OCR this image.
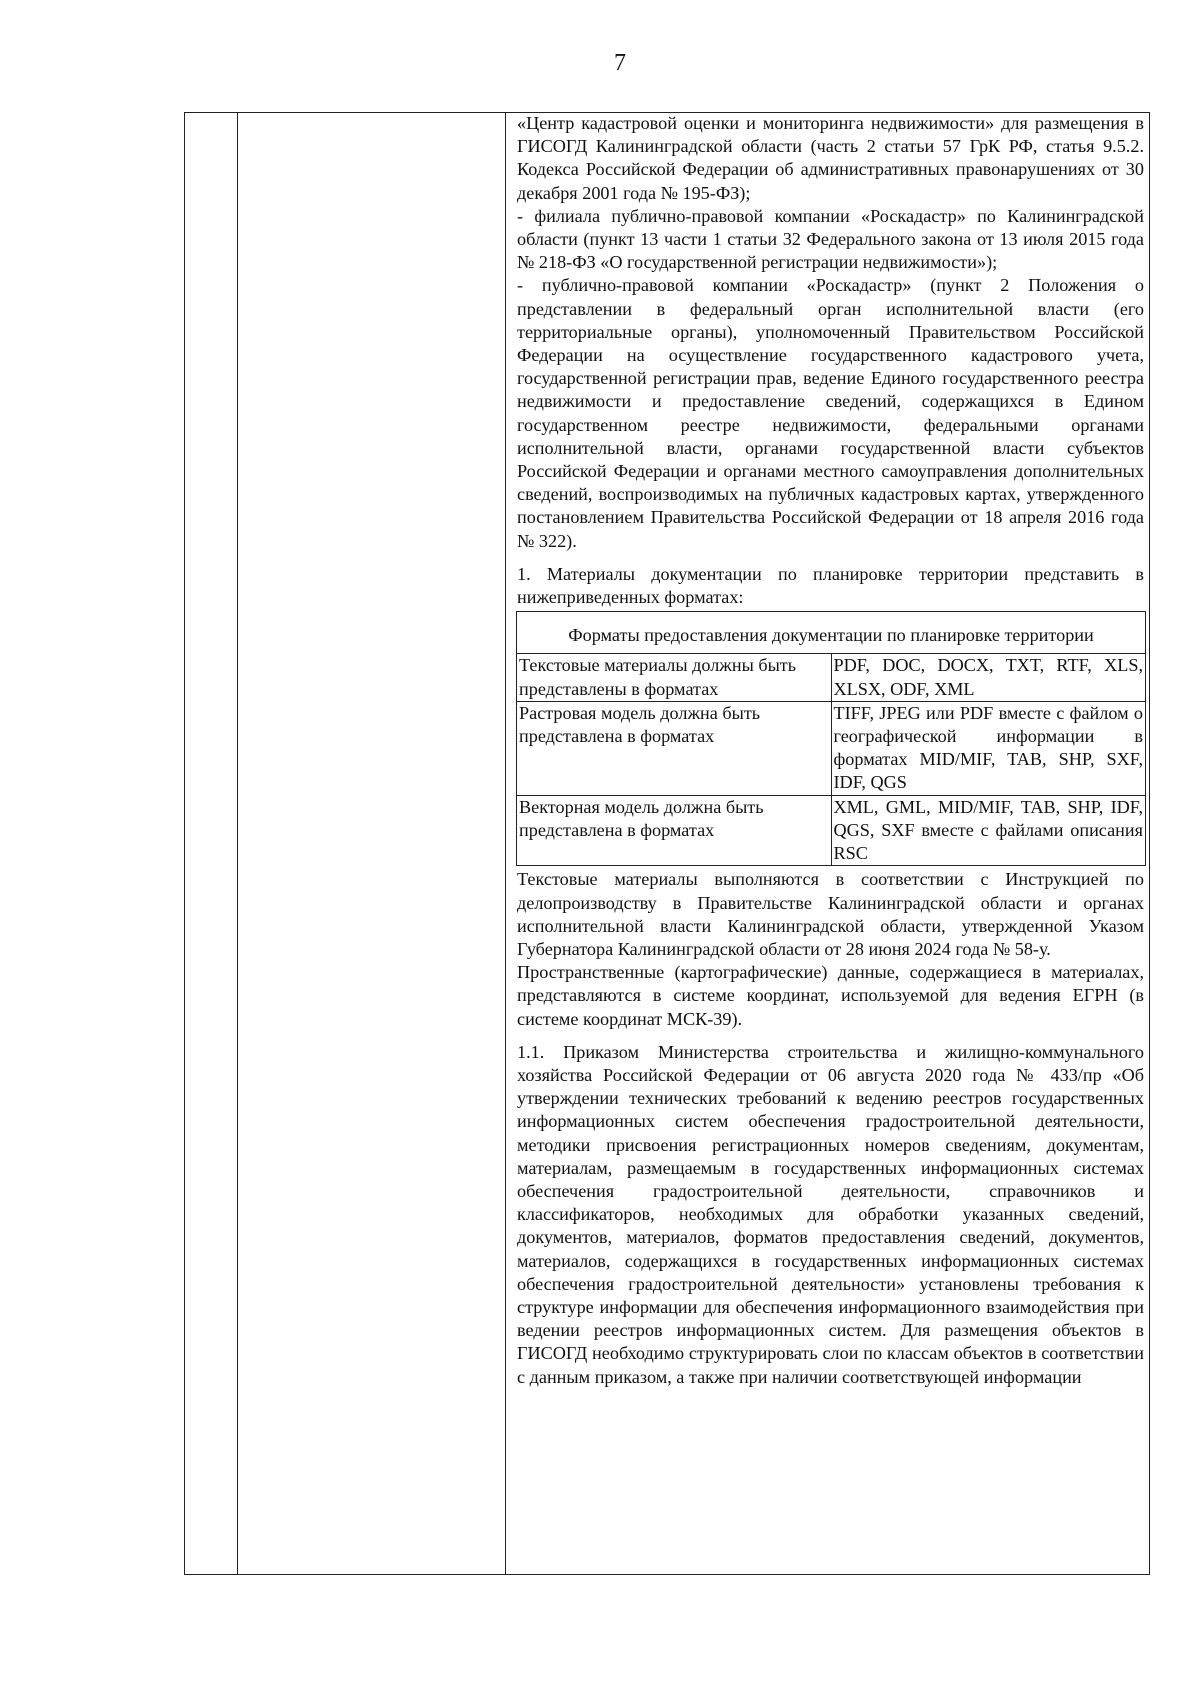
7

«Центр кадастровой оценки и мониторинга недвижимости» для размещения в ГИСОГД Калининградской области (часть 2 статьи 57 ГрК РФ, статья 9.5.2. Кодекса Российской Федерации об административных правонарушениях от 30 декабря 2001 года № 195-ФЗ);

- филиала публично-правовой компании «Роскадастр» по Калининградской области (пункт 13 части 1 статьи 32 Федерального закона от 13 июля 2015 года № 218-ФЗ «О государственной регистрации недвижимости»);

- публично-правовой компании «Роскадастр» (пункт 2 Положения о представлении в федеральный орган исполнительной власти (его территориальные органы), уполномоченный Правительством Российской Федерации на осуществление государственного кадастрового учета, государственной регистрации прав, ведение Единого государственного реестра недвижимости и предоставление сведений, содержащихся в Едином государственном реестре недвижимости, федеральными органами исполнительной власти, органами государственной власти субъектов Российской Федерации и органами местного самоуправления дополнительных сведений, воспроизводимых на публичных кадастровых картах, утвержденного постановлением Правительства Российской Федерации от 18 апреля 2016 года № 322).

1. Материалы документации по планировке территории представить в нижеприведенных форматах:

Форматы предоставления документации по планировке территории	
Текстовые материалы должны быть представлены в форматах	PDF, DOC, DOCX, TXT, RTF, XLS, XLSX, ODF, XML
Растровая модель должна быть представлена в форматах	TIFF, JPEG или PDF вместе с файлом о географической информации в форматах MID/MIF, TAB, SHP, SXF, IDF, QGS
Векторная модель должна быть представлена в форматах	XML, GML, MID/MIF, TAB, SHP, IDF, QGS, SXF вместе с файлами описания RSC

Текстовые материалы выполняются в соответствии с Инструкцией по делопроизводству в Правительстве Калининградской области и органах исполнительной власти Калининградской области, утвержденной Указом Губернатора Калининградской области от 28 июня 2024 года № 58-у.

Пространственные (картографические) данные, содержащиеся в материалах, представляются в системе координат, используемой для ведения ЕГРН (в системе координат МСК-39).

1.1. Приказом Министерства строительства и жилищно-коммунального хозяйства Российской Федерации от 06 августа 2020 года № 433/пр «Об утверждении технических требований к ведению реестров государственных информационных систем обеспечения градостроительной деятельности, методики присвоения регистрационных номеров сведениям, документам, материалам, размещаемым в государственных информационных системах обеспечения градостроительной деятельности, справочников и классификаторов, необходимых для обработки указанных сведений, документов, материалов, форматов предоставления сведений, документов, материалов, содержащихся в государственных информационных системах обеспечения градостроительной деятельности» установлены требования к структуре информации для обеспечения информационного взаимодействия при ведении реестров информационных систем. Для размещения объектов в ГИСОГД необходимо структурировать слои по классам объектов в соответствии с данным приказом, а также при наличии соответствующей информации
